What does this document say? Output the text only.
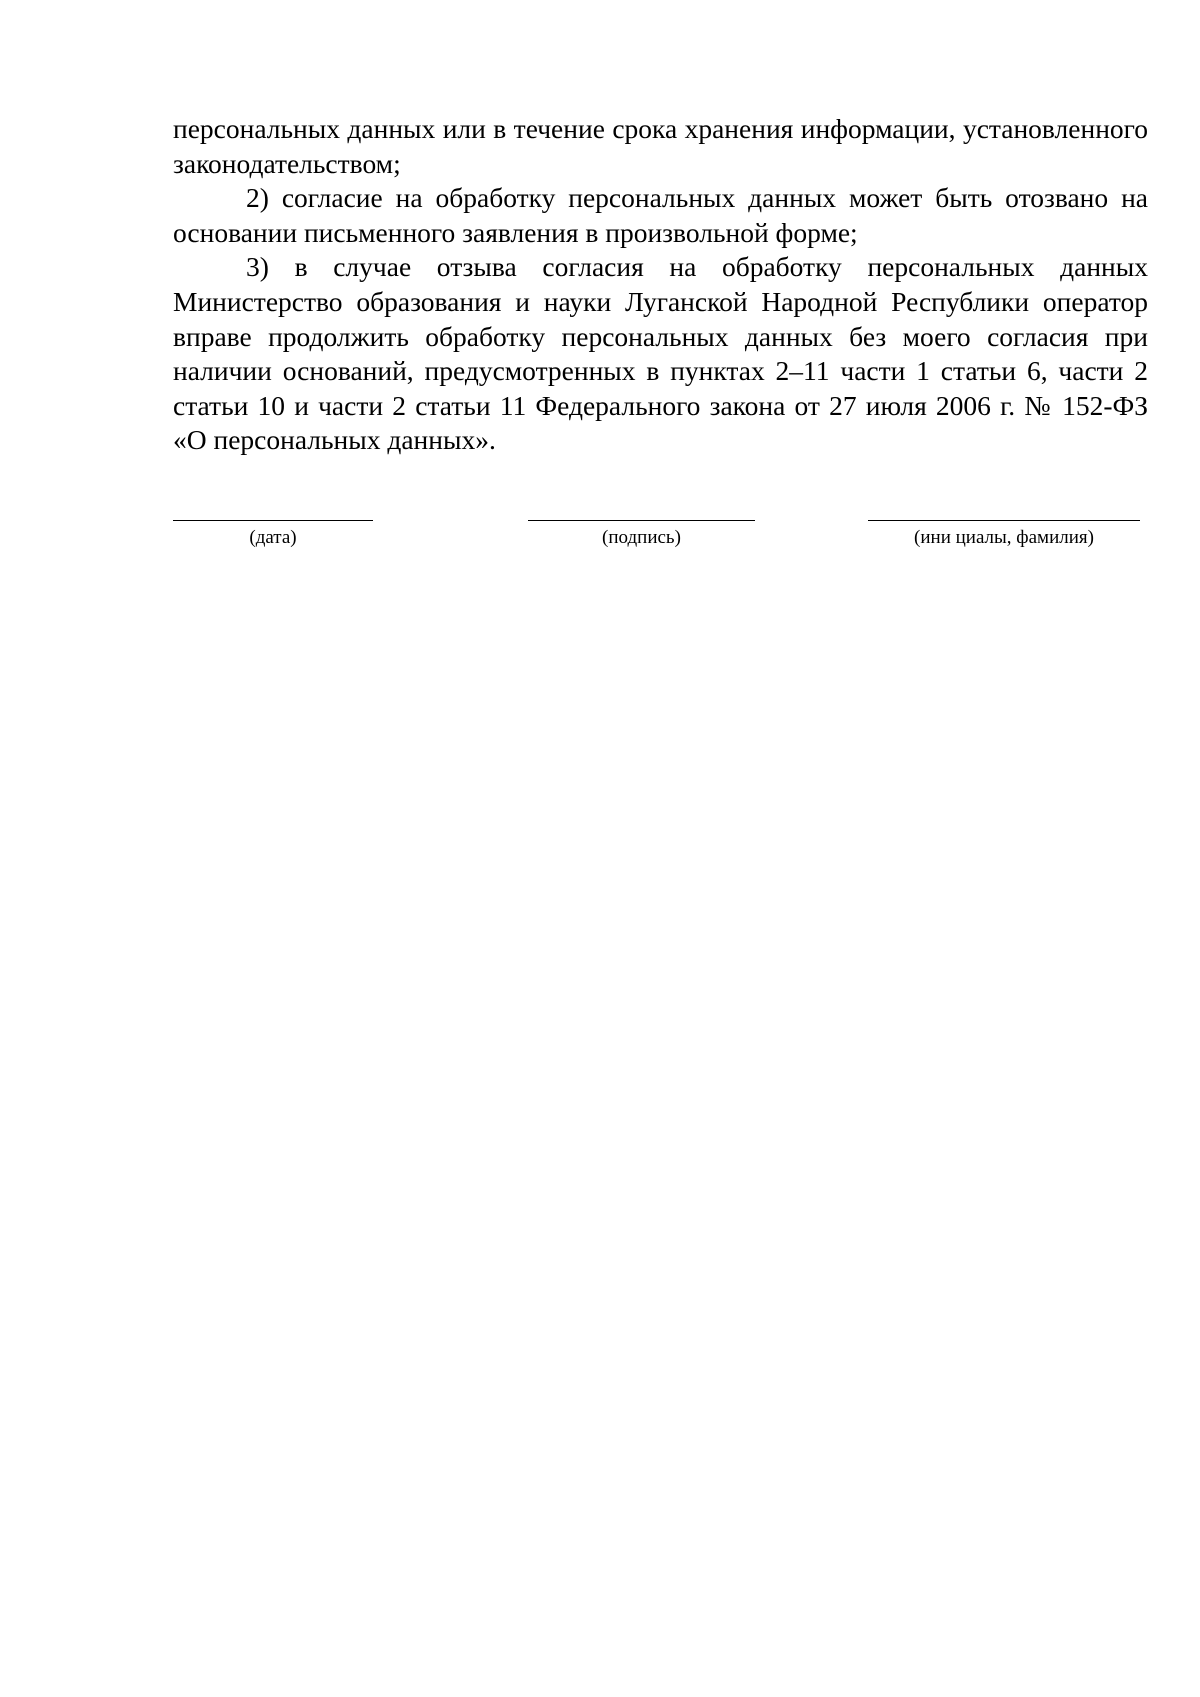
персональных данных или в течение срока хранения информации, установленного законодательством;

2) согласие на обработку персональных данных может быть отозвано на основании письменного заявления в произвольной форме;

3) в случае отзыва согласия на обработку персональных данных Министерство образования и науки Луганской Народной Республики оператор вправе продолжить обработку персональных данных без моего согласия при наличии оснований, предусмотренных в пунктах 2–11 части 1 статьи 6, части 2 статьи 10 и части 2 статьи 11 Федерального закона от 27 июля 2006 г. № 152-ФЗ «О персональных данных».

(дата)	(подпись)	(ини циалы, фамилия)
